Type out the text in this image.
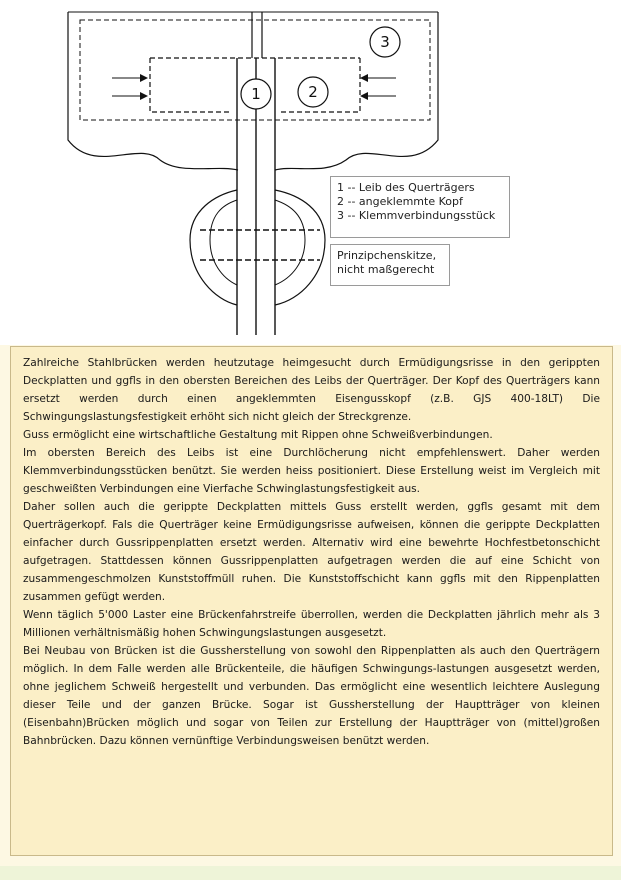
1	2
3
1 -- Leib des Querträgers
2 -- angeklemmte Kopf
3 -- Klemmverbindungsstück
Prinzipchenskitze,
nicht maßgerecht

Zahlreiche Stahlbrücken werden heutzutage heimgesucht durch Ermüdigungsrisse in den gerippten Deckplatten und ggfls in den obersten Bereichen des Leibs der Querträger. Der Kopf des Querträgers kann ersetzt werden durch einen angeklemmten Eisengusskopf (z.B. GJS 400-18LT) Die Schwingungslastungsfestigkeit erhöht sich nicht gleich der Streckgrenze.

Guss ermöglicht eine wirtschaftliche Gestaltung mit Rippen ohne Schweißverbindungen.

Im obersten Bereich des Leibs ist eine Durchlöcherung nicht empfehlenswert. Daher werden Klemmverbindungsstücken benützt. Sie werden heiss positioniert. Diese Erstellung weist im Vergleich mit geschweißten Verbindungen eine Vierfache Schwinglastungsfestigkeit aus.

Daher sollen auch die gerippte Deckplatten mittels Guss erstellt werden, ggfls gesamt mit dem Querträgerkopf. Fals die Querträger keine Ermüdigungsrisse aufweisen, können die gerippte Deckplatten einfacher durch Gussrippenplatten ersetzt werden. Alternativ wird eine bewehrte Hochfestbetonschicht aufgetragen. Stattdessen können Gussrippenplatten aufgetragen werden die auf eine Schicht von zusammengeschmolzen Kunststoffmüll ruhen. Die Kunststoffschicht kann ggfls mit den Rippenplatten zusammen gefügt werden.

Wenn täglich 5'000 Laster eine Brückenfahrstreife überrollen, werden die Deckplatten jährlich mehr als 3 Millionen verhältnismäßig hohen Schwingungslastungen ausgesetzt.

Bei Neubau von Brücken ist die Gussherstellung von sowohl den Rippenplatten als auch den Querträgern möglich. In dem Falle werden alle Brückenteile, die häufigen Schwingungs-lastungen ausgesetzt werden, ohne jeglichem Schweiß hergestellt und verbunden. Das ermöglicht eine wesentlich leichtere Auslegung dieser Teile und der ganzen Brücke. Sogar ist Gussherstellung der Hauptträger von kleinen (Eisenbahn)Brücken möglich und sogar von Teilen zur Erstellung der Hauptträger von (mittel)großen Bahnbrücken. Dazu können vernünftige Verbindungsweisen benützt werden.
